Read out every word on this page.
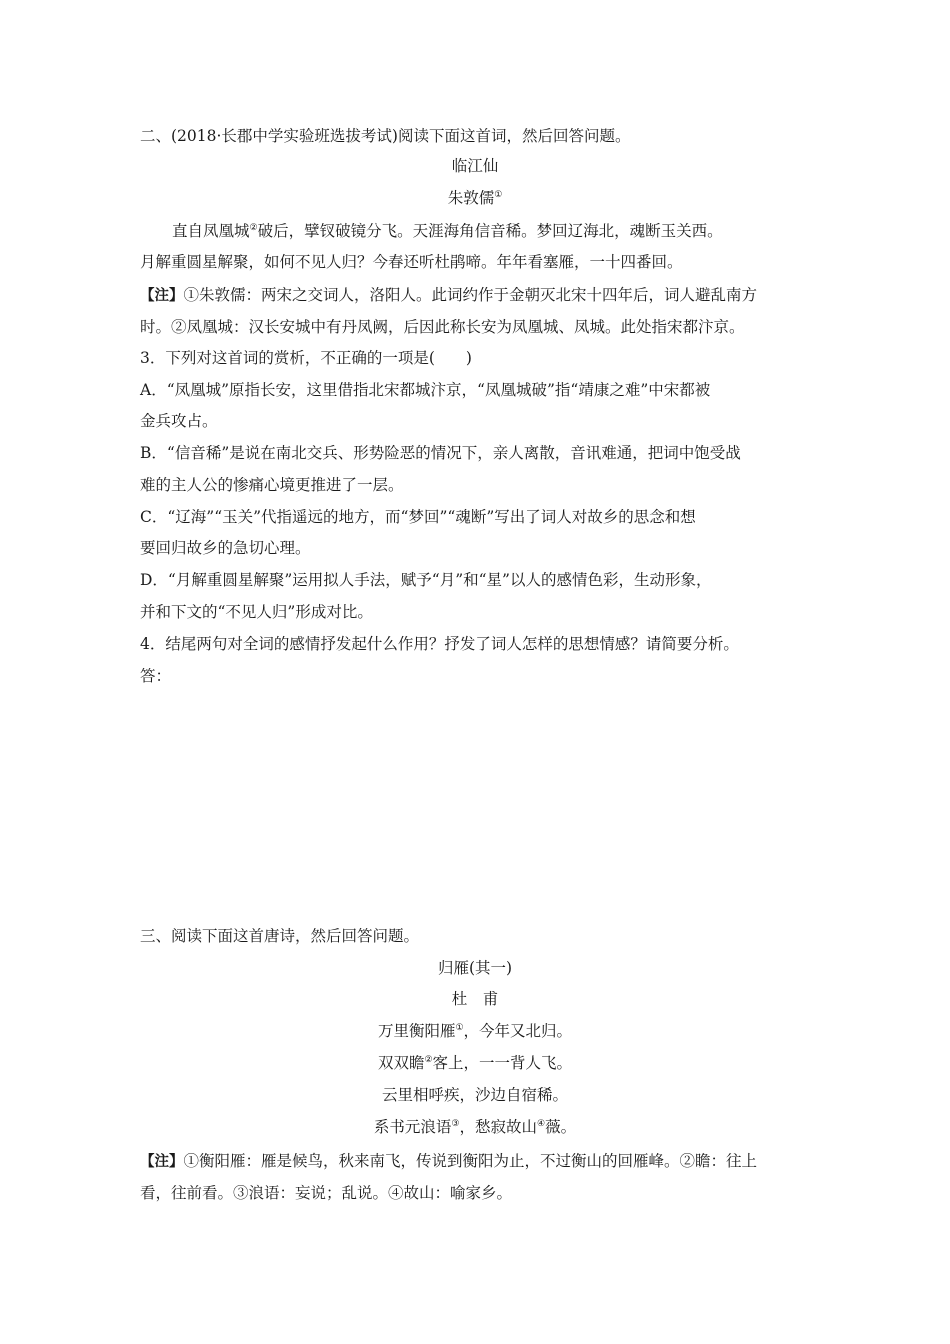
二、(2018·长郡中学实验班选拔考试)阅读下面这首词，然后回答问题。
临江仙
朱敦儒①
直自凤凰城②破后，擘钗破镜分飞。天涯海角信音稀。梦回辽海北，魂断玉关西。
月解重圆星解聚，如何不见人归？今春还听杜鹃啼。年年看塞雁，一十四番回。
【注】①朱敦儒：两宋之交词人，洛阳人。此词约作于金朝灭北宋十四年后，词人避乱南方
时。②凤凰城：汉长安城中有丹凤阙，后因此称长安为凤凰城、凤城。此处指宋都汴京。
3．下列对这首词的赏析，不正确的一项是(　　)
A．“凤凰城”原指长安，这里借指北宋都城汴京，“凤凰城破”指“靖康之难”中宋都被
金兵攻占。
B．“信音稀”是说在南北交兵、形势险恶的情况下，亲人离散，音讯难通，把词中饱受战
难的主人公的惨痛心境更推进了一层。
C．“辽海”“玉关”代指遥远的地方，而“梦回”“魂断”写出了词人对故乡的思念和想
要回归故乡的急切心理。
D．“月解重圆星解聚”运用拟人手法，赋予“月”和“星”以人的感情色彩，生动形象，
并和下文的“不见人归”形成对比。
4．结尾两句对全词的感情抒发起什么作用？抒发了词人怎样的思想情感？请简要分析。
答：
三、阅读下面这首唐诗，然后回答问题。
归雁(其一)
杜　甫
万里衡阳雁①，今年又北归。
双双瞻②客上，一一背人飞。
云里相呼疾，沙边自宿稀。
系书元浪语③，愁寂故山④薇。
【注】①衡阳雁：雁是候鸟，秋来南飞，传说到衡阳为止，不过衡山的回雁峰。②瞻：往上
看，往前看。③浪语：妄说；乱说。④故山：喻家乡。
